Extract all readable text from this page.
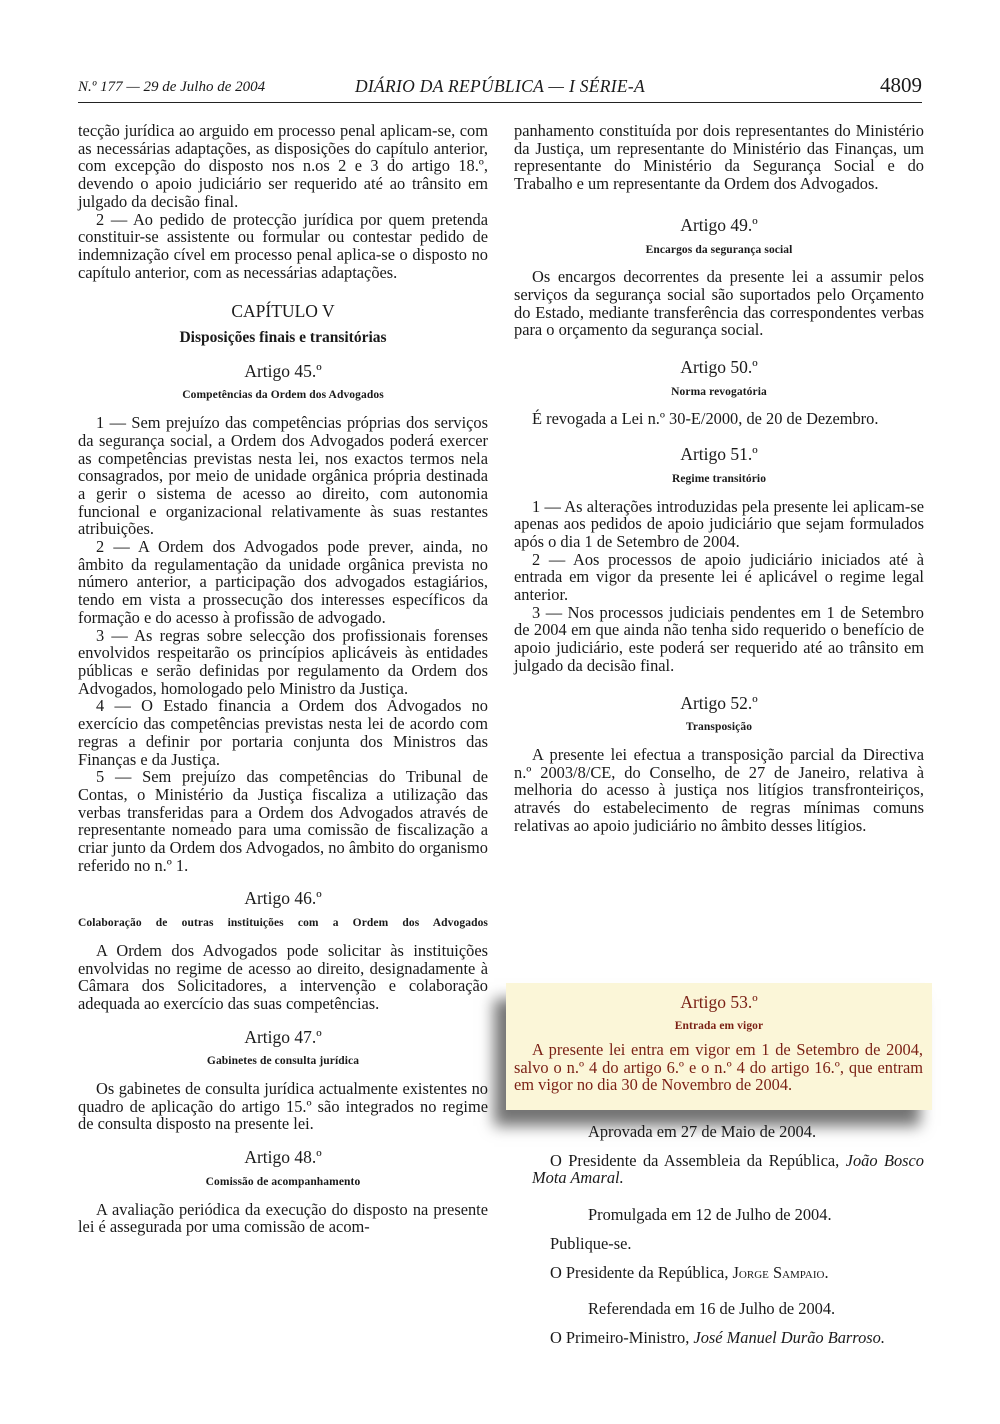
N.º 177 — 29 de Julho de 2004	DIÁRIO DA REPÚBLICA — I SÉRIE-A	4809

tecção jurídica ao arguido em processo penal aplicam-se, com as necessárias adaptações, as disposições do capítulo anterior, com excepção do disposto nos n.os 2 e 3 do artigo 18.º, devendo o apoio judiciário ser requerido até ao trânsito em julgado da decisão final.

2 — Ao pedido de protecção jurídica por quem pretenda constituir-se assistente ou formular ou contestar pedido de indemnização cível em processo penal aplica-se o disposto no capítulo anterior, com as necessárias adaptações.

CAPÍTULO V
Disposições finais e transitórias
Artigo 45.º
Competências da Ordem dos Advogados

1 — Sem prejuízo das competências próprias dos serviços da segurança social, a Ordem dos Advogados poderá exercer as competências previstas nesta lei, nos exactos termos nela consagrados, por meio de unidade orgânica própria destinada a gerir o sistema de acesso ao direito, com autonomia funcional e organizacional relativamente às suas restantes atribuições.

2 — A Ordem dos Advogados pode prever, ainda, no âmbito da regulamentação da unidade orgânica prevista no número anterior, a participação dos advogados estagiários, tendo em vista a prossecução dos interesses específicos da formação e do acesso à profissão de advogado.

3 — As regras sobre selecção dos profissionais forenses envolvidos respeitarão os princípios aplicáveis às entidades públicas e serão definidas por regulamento da Ordem dos Advogados, homologado pelo Ministro da Justiça.

4 — O Estado financia a Ordem dos Advogados no exercício das competências previstas nesta lei de acordo com regras a definir por portaria conjunta dos Ministros das Finanças e da Justiça.

5 — Sem prejuízo das competências do Tribunal de Contas, o Ministério da Justiça fiscaliza a utilização das verbas transferidas para a Ordem dos Advogados através de representante nomeado para uma comissão de fiscalização a criar junto da Ordem dos Advogados, no âmbito do organismo referido no n.º 1.

Artigo 46.º
Colaboração de outras instituições com a Ordem dos Advogados

A Ordem dos Advogados pode solicitar às instituições envolvidas no regime de acesso ao direito, designadamente à Câmara dos Solicitadores, a intervenção e colaboração adequada ao exercício das suas competências.

Artigo 47.º
Gabinetes de consulta jurídica

Os gabinetes de consulta jurídica actualmente existentes no quadro de aplicação do artigo 15.º são integrados no regime de consulta disposto na presente lei.

Artigo 48.º
Comissão de acompanhamento

A avaliação periódica da execução do disposto na presente lei é assegurada por uma comissão de acom-

panhamento constituída por dois representantes do Ministério da Justiça, um representante do Ministério das Finanças, um representante do Ministério da Segurança Social e do Trabalho e um representante da Ordem dos Advogados.

Artigo 49.º
Encargos da segurança social

Os encargos decorrentes da presente lei a assumir pelos serviços da segurança social são suportados pelo Orçamento do Estado, mediante transferência das correspondentes verbas para o orçamento da segurança social.

Artigo 50.º
Norma revogatória

É revogada a Lei n.º 30-E/2000, de 20 de Dezembro.

Artigo 51.º
Regime transitório

1 — As alterações introduzidas pela presente lei aplicam-se apenas aos pedidos de apoio judiciário que sejam formulados após o dia 1 de Setembro de 2004.

2 — Aos processos de apoio judiciário iniciados até à entrada em vigor da presente lei é aplicável o regime legal anterior.

3 — Nos processos judiciais pendentes em 1 de Setembro de 2004 em que ainda não tenha sido requerido o benefício de apoio judiciário, este poderá ser requerido até ao trânsito em julgado da decisão final.

Artigo 52.º
Transposição

A presente lei efectua a transposição parcial da Directiva n.º 2003/8/CE, do Conselho, de 27 de Janeiro, relativa à melhoria do acesso à justiça nos litígios transfronteiriços, através do estabelecimento de regras mínimas comuns relativas ao apoio judiciário no âmbito desses litígios.

Artigo 53.º
Entrada em vigor

A presente lei entra em vigor em 1 de Setembro de 2004, salvo o n.º 4 do artigo 6.º e o n.º 4 do artigo 16.º, que entram em vigor no dia 30 de Novembro de 2004.

Aprovada em 27 de Maio de 2004.

O Presidente da Assembleia da República, João Bosco Mota Amaral.

Promulgada em 12 de Julho de 2004.

Publique-se.

O Presidente da República, Jorge Sampaio.

Referendada em 16 de Julho de 2004.

O Primeiro-Ministro, José Manuel Durão Barroso.
